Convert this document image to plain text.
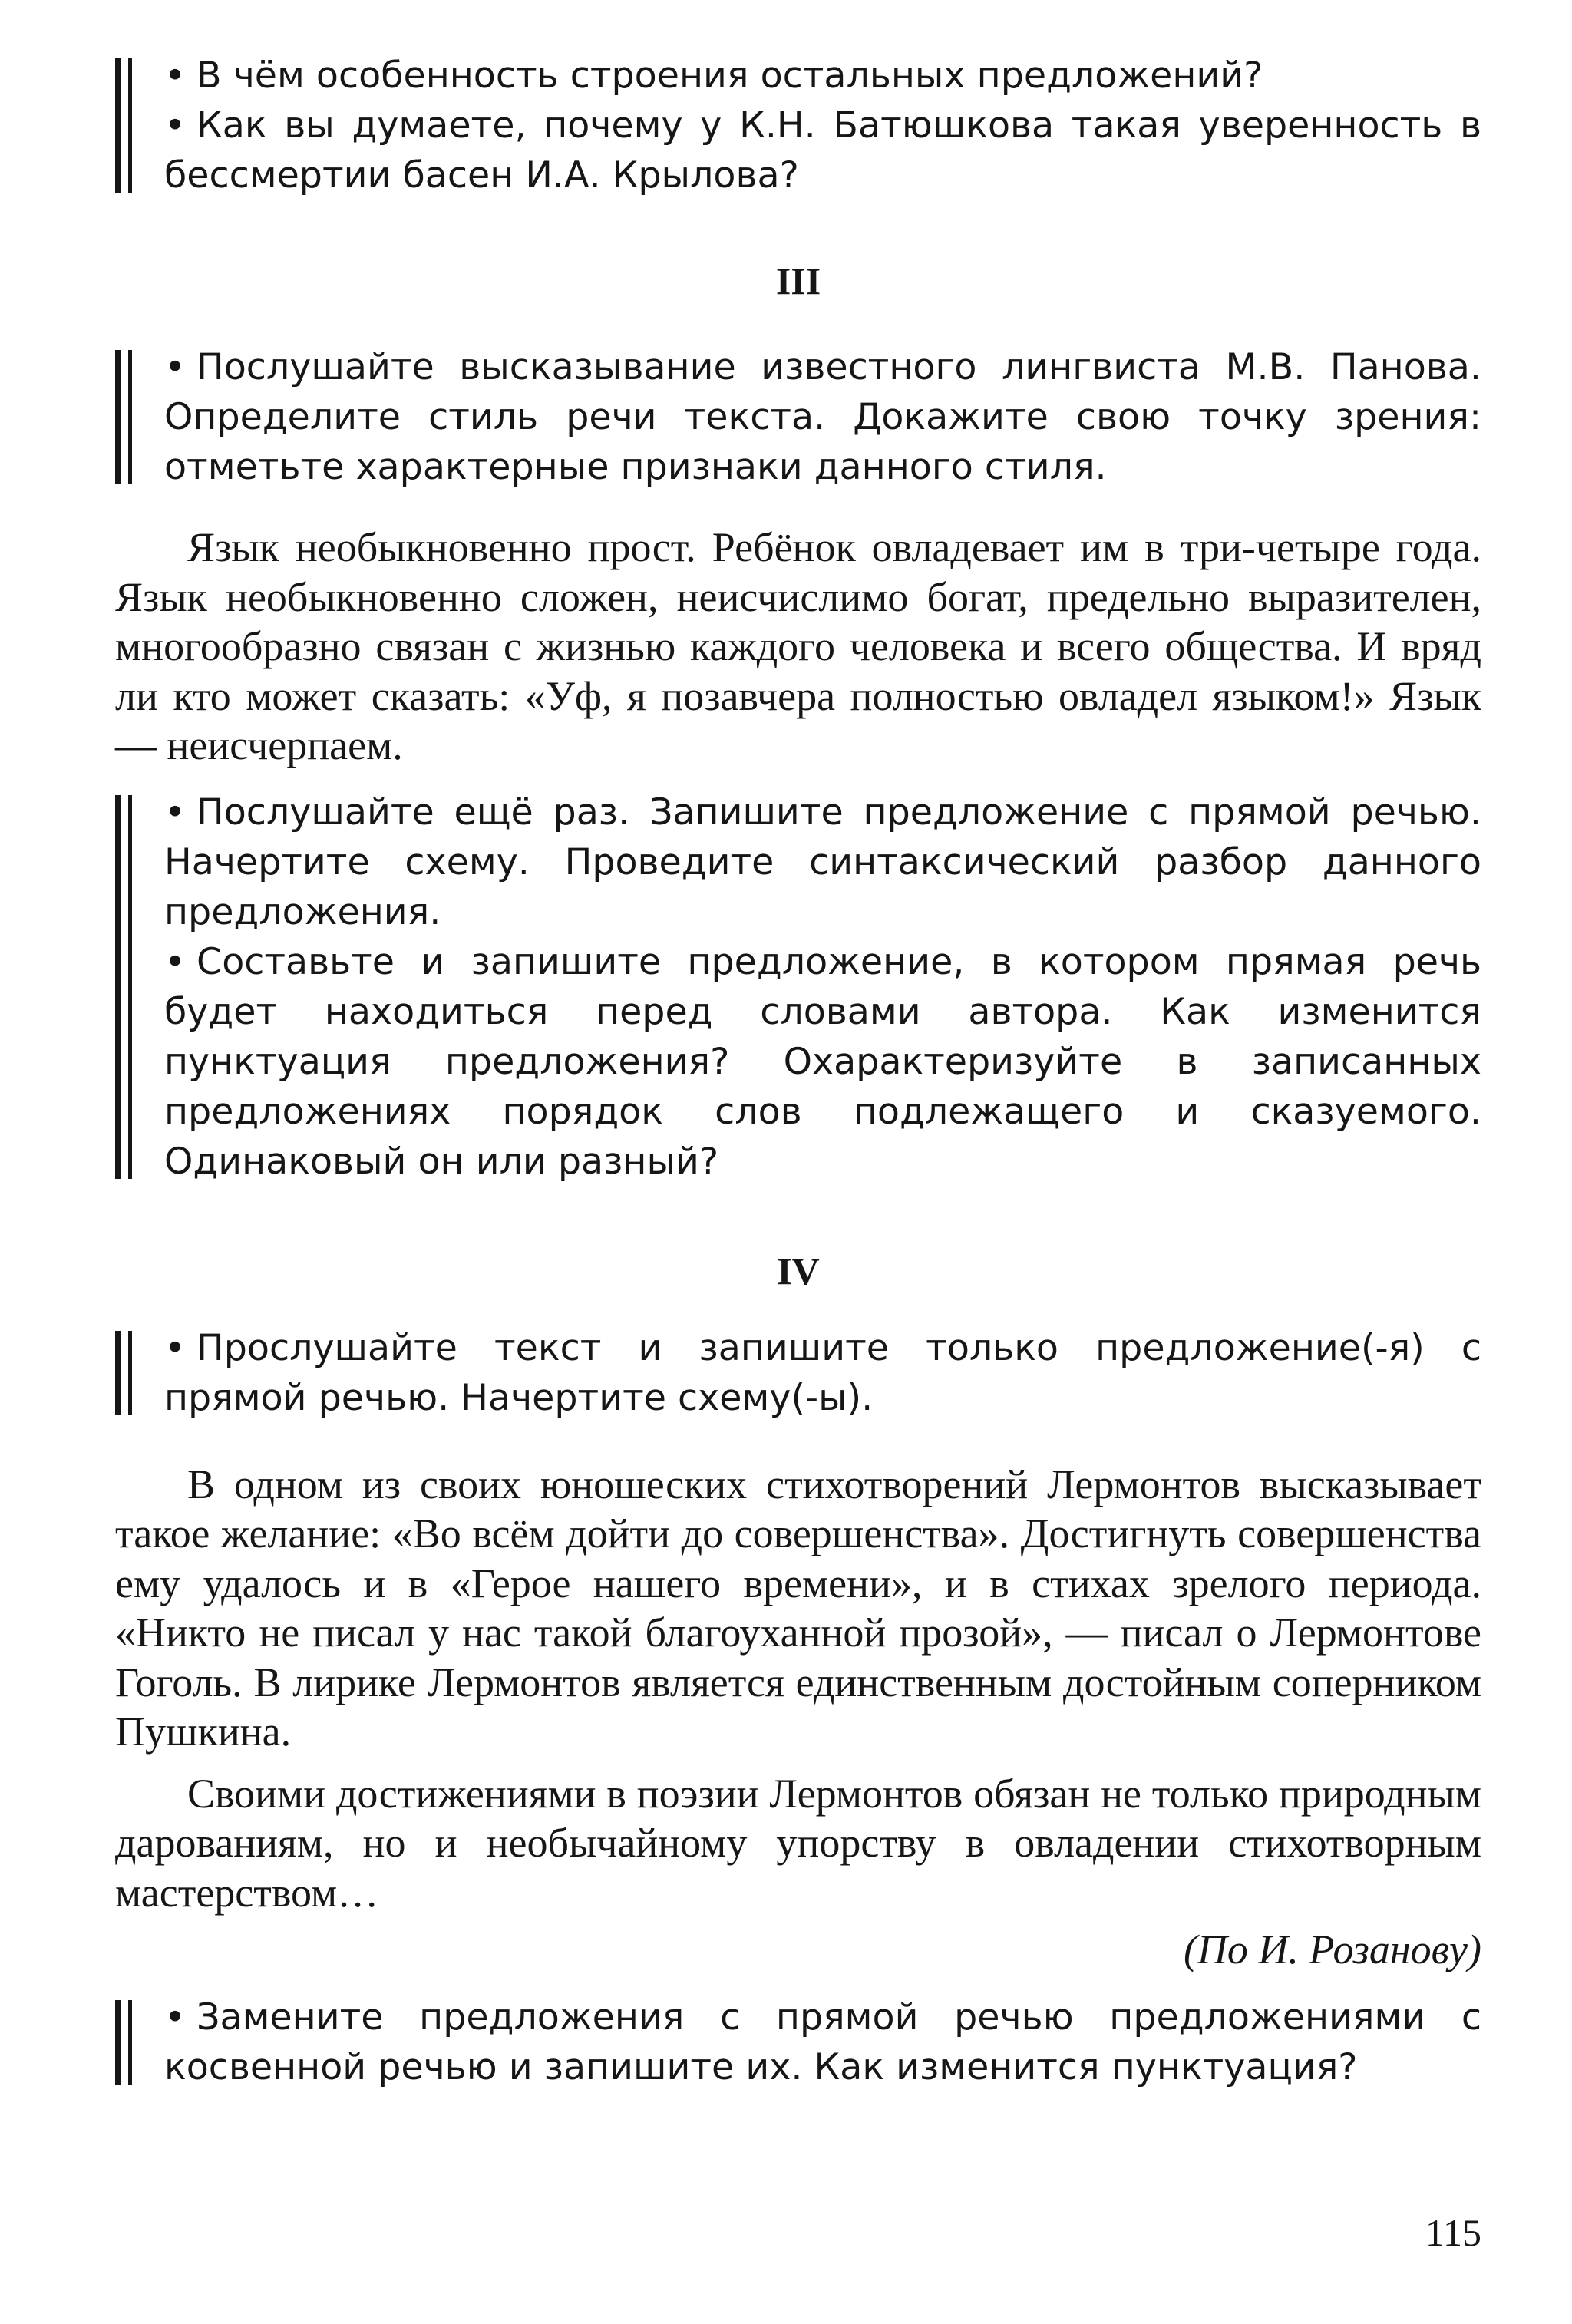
• В чём особенность строения остальных предложений?

• Как вы думаете, почему у К.Н. Батюшкова такая уверенность в бессмертии басен И.А. Крылова?

III

• Послушайте высказывание известного лингвиста М.В. Панова. Определите стиль речи текста. Докажите свою точку зрения: отметьте характерные признаки данного стиля.

Язык необыкновенно прост. Ребёнок овладевает им в три-четыре года. Язык необыкновенно сложен, неисчислимо богат, предельно выразителен, многообразно связан с жизнью каждого человека и всего общества. И вряд ли кто может сказать: «Уф, я позавчера полностью овладел языком!» Язык — неисчерпаем.

• Послушайте ещё раз. Запишите предложение с прямой речью. Начертите схему. Проведите синтаксический разбор данного предложения.

• Составьте и запишите предложение, в котором прямая речь будет находиться перед словами автора. Как изменится пунктуация предложения? Охарактеризуйте в записанных предложениях порядок слов подлежащего и сказуемого. Одинаковый он или разный?

IV

• Прослушайте текст и запишите только предложение(-я) с прямой речью. Начертите схему(-ы).

В одном из своих юношеских стихотворений Лермонтов высказывает такое желание: «Во всём дойти до совершенства». Достигнуть совершенства ему удалось и в «Герое нашего времени», и в стихах зрелого периода. «Никто не писал у нас такой благоуханной прозой», — писал о Лермонтове Гоголь. В лирике Лермонтов является единственным достойным соперником Пушкина.

Своими достижениями в поэзии Лермонтов обязан не только природным дарованиям, но и необычайному упорству в овладении стихотворным мастерством…

(По И. Розанову)

• Замените предложения с прямой речью предложениями с косвенной речью и запишите их. Как изменится пунктуация?

115
